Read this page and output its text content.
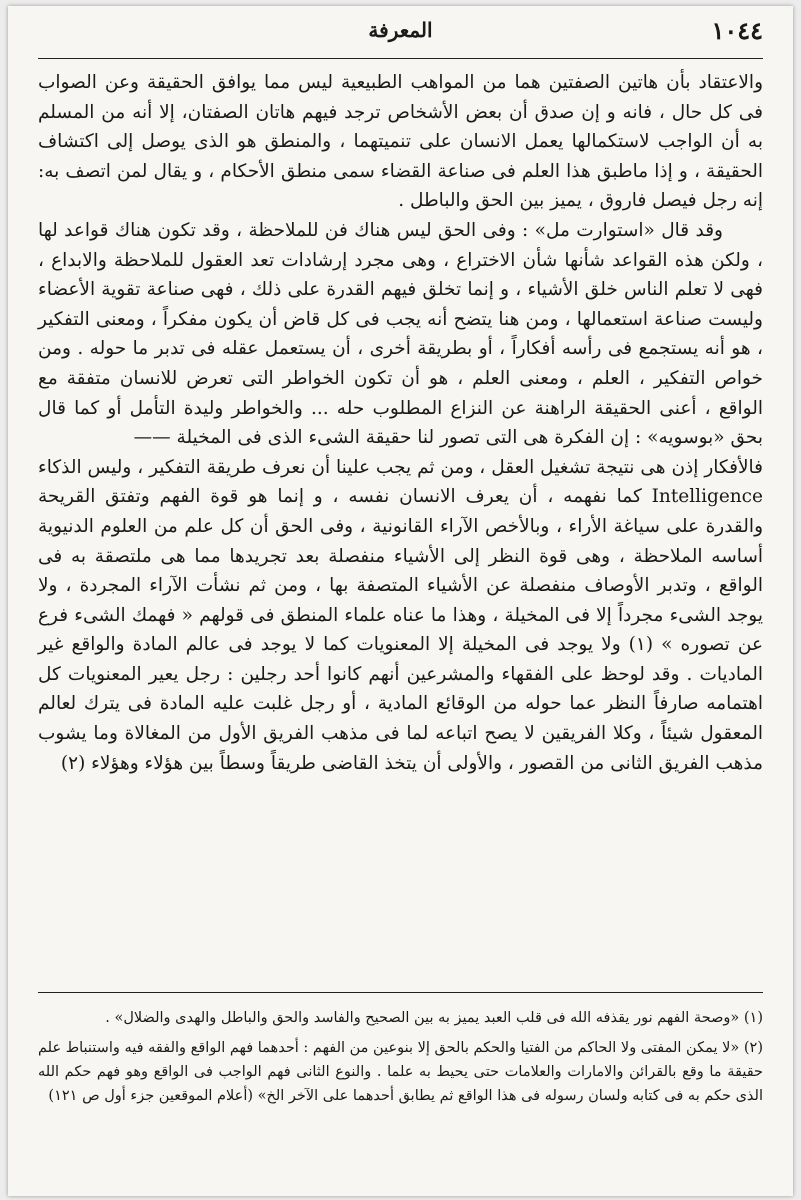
١٠٤٤
المعرفة

والاعتقاد بأن هاتين الصفتين هما من المواهب الطبيعية ليس مما يوافق الحقيقة وعن الصواب فى كل حال ، فانه و إن صدق أن بعض الأشخاص ترجد فيهم هاتان الصفتان، إلا أنه من المسلم به أن الواجب لاستكمالها يعمل الانسان على تنميتهما ، والمنطق هو الذى يوصل إلى اكتشاف الحقيقة ، و إذا ماطبق هذا العلم فى صناعة القضاء سمى منطق الأحكام ، و يقال لمن اتصف به: إنه رجل فيصل فاروق ، يميز بين الحق والباطل .

وقد قال «استوارت مل» : وفى الحق ليس هناك فن للملاحظة ، وقد تكون هناك قواعد لها ، ولكن هذه القواعد شأنها شأن الاختراع ، وهى مجرد إرشادات تعد العقول للملاحظة والابداع ، فهى لا تعلم الناس خلق الأشياء ، و إنما تخلق فيهم القدرة على ذلك ، فهى صناعة تقوية الأعضاء وليست صناعة استعمالها ، ومن هنا يتضح أنه يجب فى كل قاض أن يكون مفكراً ، ومعنى التفكير ، هو أنه يستجمع فى رأسه أفكاراً ، أو بطريقة أخرى ، أن يستعمل عقله فى تدبر ما حوله . ومن خواص التفكير ، العلم ، ومعنى العلم ، هو أن تكون الخواطر التى تعرض للانسان متفقة مع الواقع ، أعنى الحقيقة الراهنة عن النزاع المطلوب حله ... والخواطر وليدة التأمل أو كما قال بحق «بوسويه» : إن الفكرة هى التى تصور لنا حقيقة الشىء الذى فى المخيلة ——

فالأفكار إذن هى نتيجة تشغيل العقل ، ومن ثم يجب علينا أن نعرف طريقة التفكير ، وليس الذكاء Intelligence كما نفهمه ، أن يعرف الانسان نفسه ، و إنما هو قوة الفهم وتفتق القريحة والقدرة على سياغة الأراء ، وبالأخص الآراء القانونية ، وفى الحق أن كل علم من العلوم الدنيوية أساسه الملاحظة ، وهى قوة النظر إلى الأشياء منفصلة بعد تجريدها مما هى ملتصقة به فى الواقع ، وتدبر الأوصاف منفصلة عن الأشياء المتصفة بها ، ومن ثم نشأت الآراء المجردة ، ولا يوجد الشىء مجرداً إلا فى المخيلة ، وهذا ما عناه علماء المنطق فى قولهم « فهمك الشىء فرع عن تصوره » (١) ولا يوجد فى المخيلة إلا المعنويات كما لا يوجد فى عالم المادة والواقع غير الماديات . وقد لوحظ على الفقهاء والمشرعين أنهم كانوا أحد رجلين : رجل يعير المعنويات كل اهتمامه صارفاً النظر عما حوله من الوقائع المادية ، أو رجل غلبت عليه المادة فى يترك لعالم المعقول شيئاً ، وكلا الفريقين لا يصح اتباعه لما فى مذهب الفريق الأول من المغالاة وما يشوب مذهب الفريق الثانى من القصور ، والأولى أن يتخذ القاضى طريقاً وسطاً بين هؤلاء وهؤلاء (٢)

(١) «وصحة الفهم نور يقذفه الله فى قلب العبد يميز به بين الصحيح والفاسد والحق والباطل والهدى والضلال» .

(٢) «لا يمكن المفتى ولا الحاكم من الفتيا والحكم بالحق إلا بنوعين من الفهم : أحدهما فهم الواقع والفقه فيه واستنباط علم حقيقة ما وقع بالقرائن والامارات والعلامات حتى يحيط به علما . والنوع الثانى فهم الواجب فى الواقع وهو فهم حكم الله الذى حكم به فى كتابه ولسان رسوله فى هذا الواقع ثم يطابق أحدهما على الآخر الخ» (أعلام الموقعين جزء أول ص ١٢١)
